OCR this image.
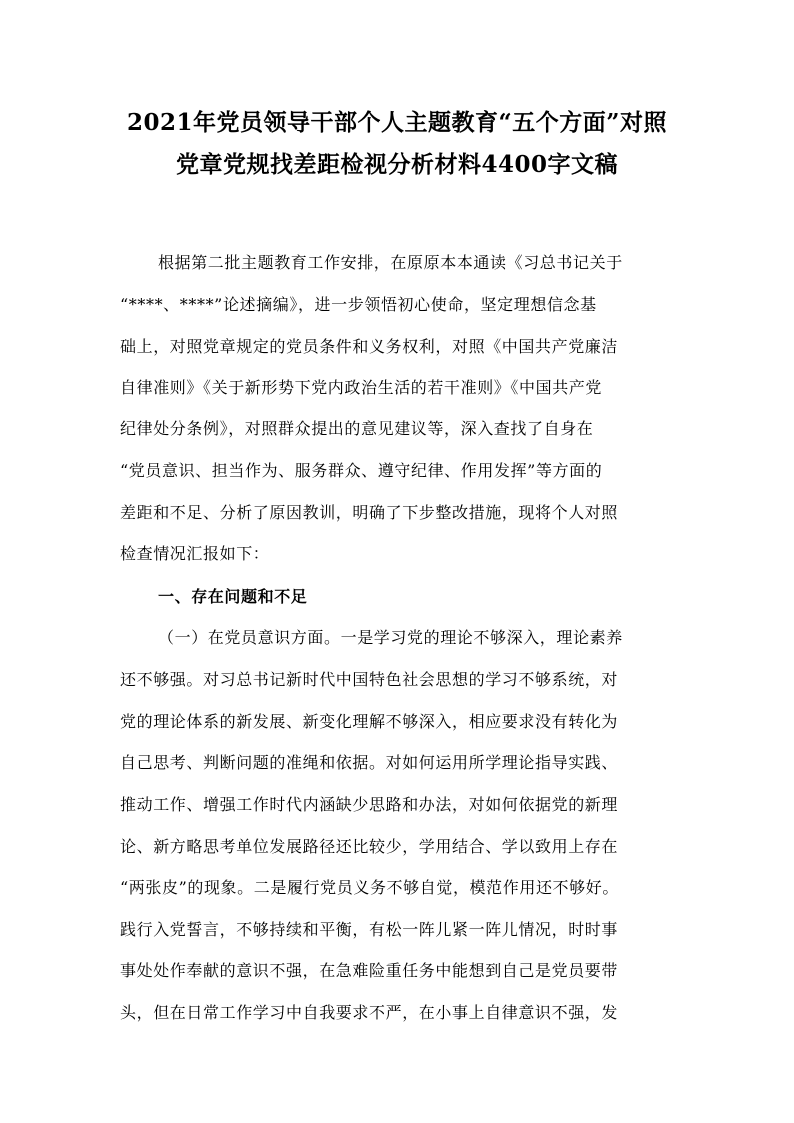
2021年党员领导干部个人主题教育“五个方面”对照
党章党规找差距检视分析材料4400字文稿
根据第二批主题教育工作安排，在原原本本通读《习总书记关于
“****、****”论述摘编》，进一步领悟初心使命，坚定理想信念基
础上，对照党章规定的党员条件和义务权利，对照《中国共产党廉洁
自律准则》《关于新形势下党内政治生活的若干准则》《中国共产党
纪律处分条例》，对照群众提出的意见建议等，深入查找了自身在
“党员意识、担当作为、服务群众、遵守纪律、作用发挥”等方面的
差距和不足、分析了原因教训，明确了下步整改措施，现将个人对照
检查情况汇报如下：
一、存在问题和不足
（一）在党员意识方面。一是学习党的理论不够深入，理论素养
还不够强。对习总书记新时代中国特色社会思想的学习不够系统，对
党的理论体系的新发展、新变化理解不够深入，相应要求没有转化为
自己思考、判断问题的准绳和依据。对如何运用所学理论指导实践、
推动工作、增强工作时代内涵缺少思路和办法，对如何依据党的新理
论、新方略思考单位发展路径还比较少，学用结合、学以致用上存在
“两张皮”的现象。二是履行党员义务不够自觉，模范作用还不够好。
践行入党誓言，不够持续和平衡，有松一阵儿紧一阵儿情况，时时事
事处处作奉献的意识不强，在急难险重任务中能想到自己是党员要带
头，但在日常工作学习中自我要求不严，在小事上自律意识不强，发
